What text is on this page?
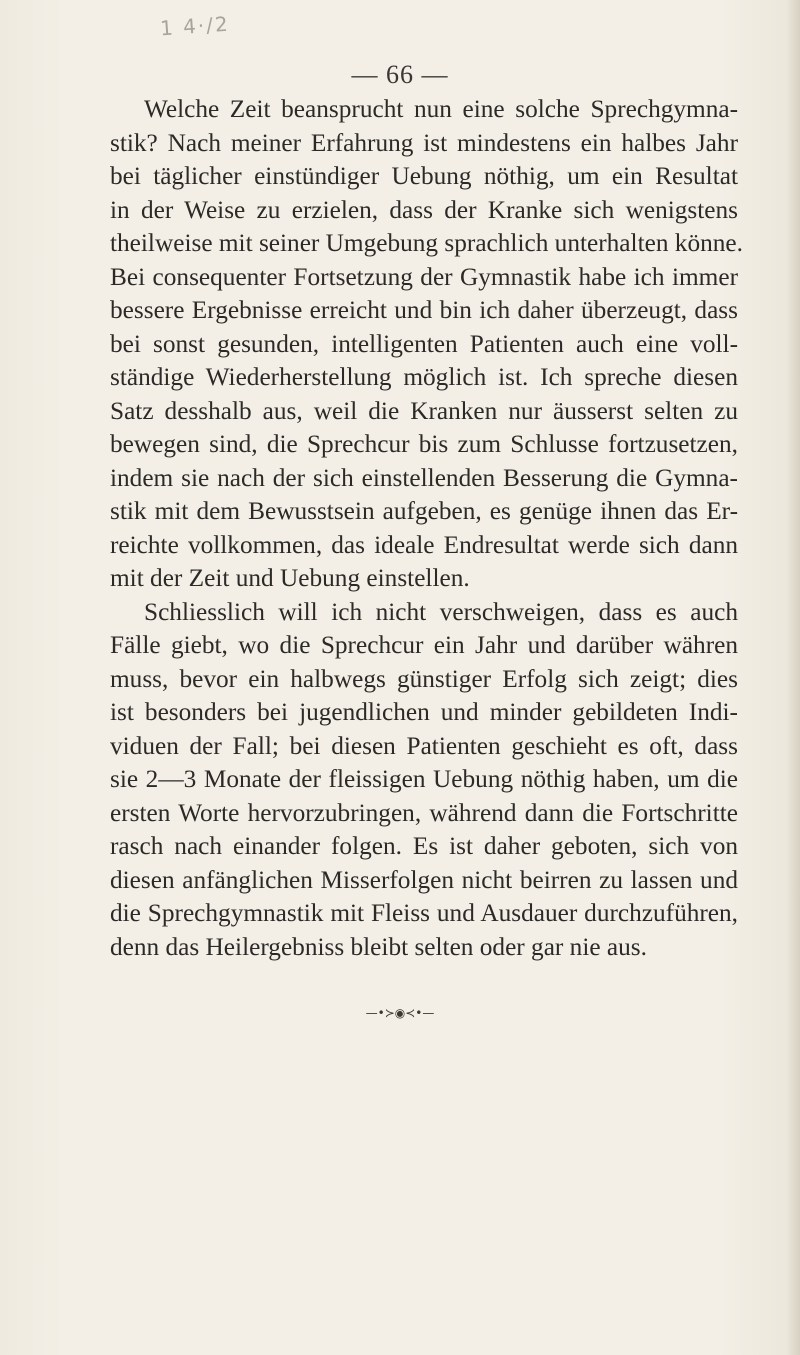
1 4·/2
— 66 —
Welche Zeit beansprucht nun eine solche Sprechgymna-
stik? Nach meiner Erfahrung ist mindestens ein halbes Jahr
bei täglicher einstündiger Uebung nöthig, um ein Resultat
in der Weise zu erzielen, dass der Kranke sich wenigstens
theilweise mit seiner Umgebung sprachlich unterhalten könne.
Bei consequenter Fortsetzung der Gymnastik habe ich immer
bessere Ergebnisse erreicht und bin ich daher überzeugt, dass
bei sonst gesunden, intelligenten Patienten auch eine voll-
ständige Wiederherstellung möglich ist. Ich spreche diesen
Satz desshalb aus, weil die Kranken nur äusserst selten zu
bewegen sind, die Sprechcur bis zum Schlusse fortzusetzen,
indem sie nach der sich einstellenden Besserung die Gymna-
stik mit dem Bewusstsein aufgeben, es genüge ihnen das Er-
reichte vollkommen, das ideale Endresultat werde sich dann
mit der Zeit und Uebung einstellen.
Schliesslich will ich nicht verschweigen, dass es auch
Fälle giebt, wo die Sprechcur ein Jahr und darüber währen
muss, bevor ein halbwegs günstiger Erfolg sich zeigt; dies
ist besonders bei jugendlichen und minder gebildeten Indi-
viduen der Fall; bei diesen Patienten geschieht es oft, dass
sie 2—3 Monate der fleissigen Uebung nöthig haben, um die
ersten Worte hervorzubringen, während dann die Fortschritte
rasch nach einander folgen. Es ist daher geboten, sich von
diesen anfänglichen Misserfolgen nicht beirren zu lassen und
die Sprechgymnastik mit Fleiss und Ausdauer durchzuführen,
denn das Heilergebniss bleibt selten oder gar nie aus.
—•≻◉≺•—
